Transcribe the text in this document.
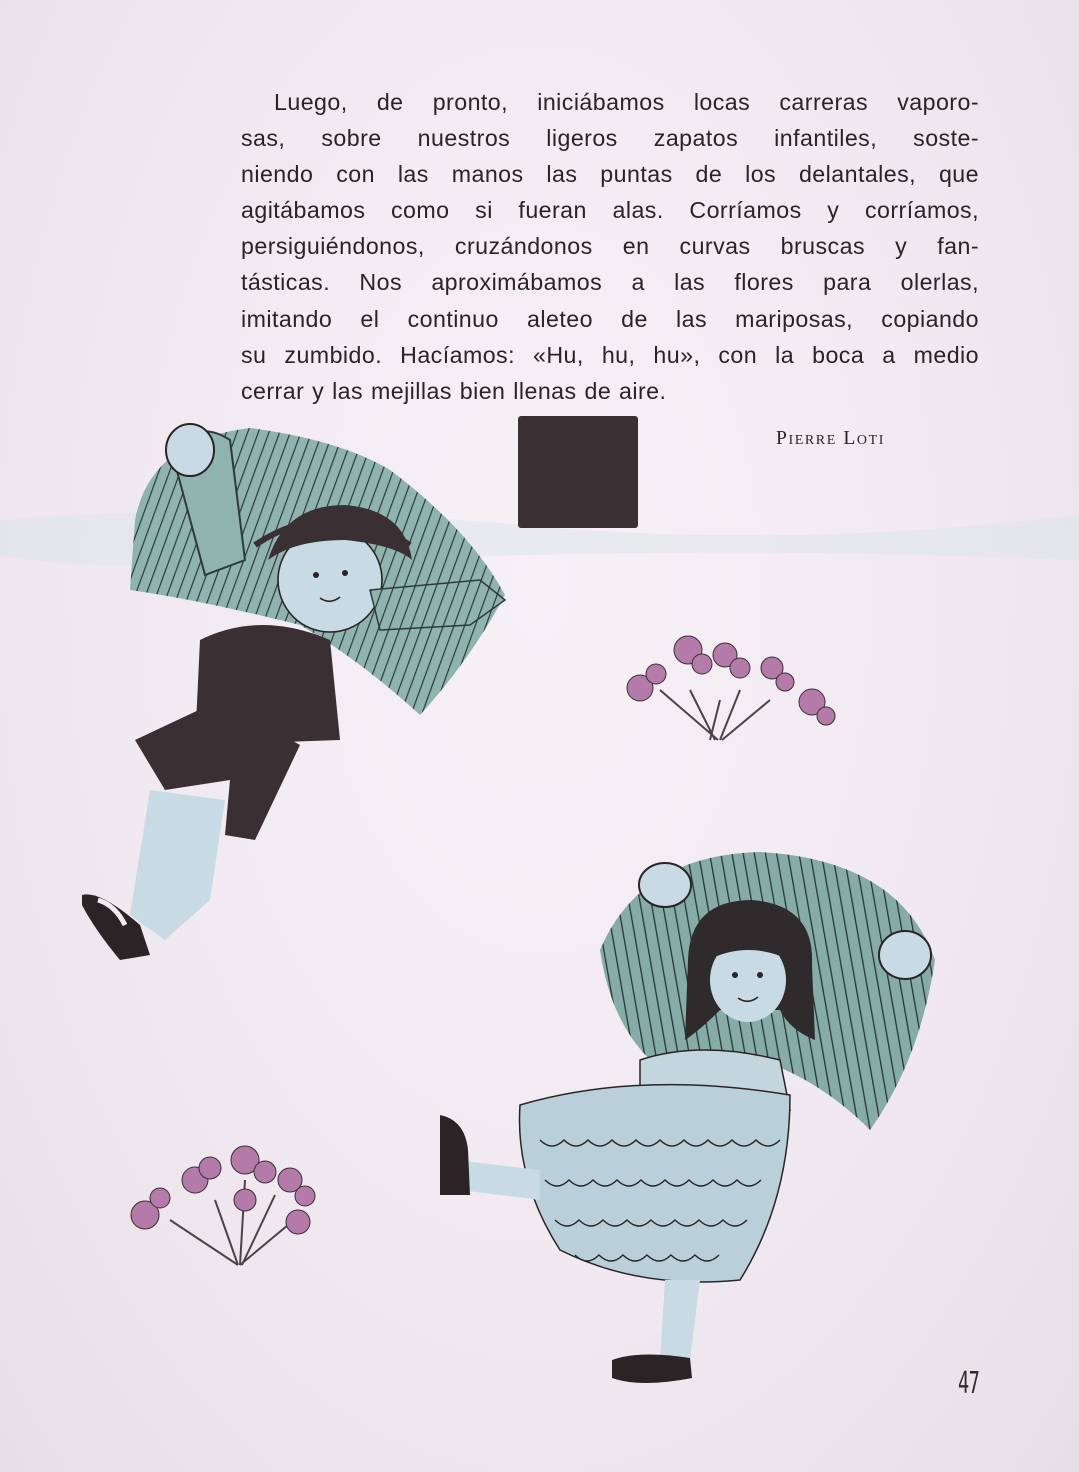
Luego, de pronto, iniciábamos locas carreras vaporo-
sas, sobre nuestros ligeros zapatos infantiles, soste-
niendo con las manos las puntas de los delantales, que
agitábamos como si fueran alas. Corríamos y corríamos,
persiguiéndonos, cruzándonos en curvas bruscas y fan-
tásticas. Nos aproximábamos a las flores para olerlas,
imitando el continuo aleteo de las mariposas, copiando
su zumbido. Hacíamos: «Hu, hu, hu», con la boca a medio
cerrar y las mejillas bien llenas de aire.
Pierre Loti
47
